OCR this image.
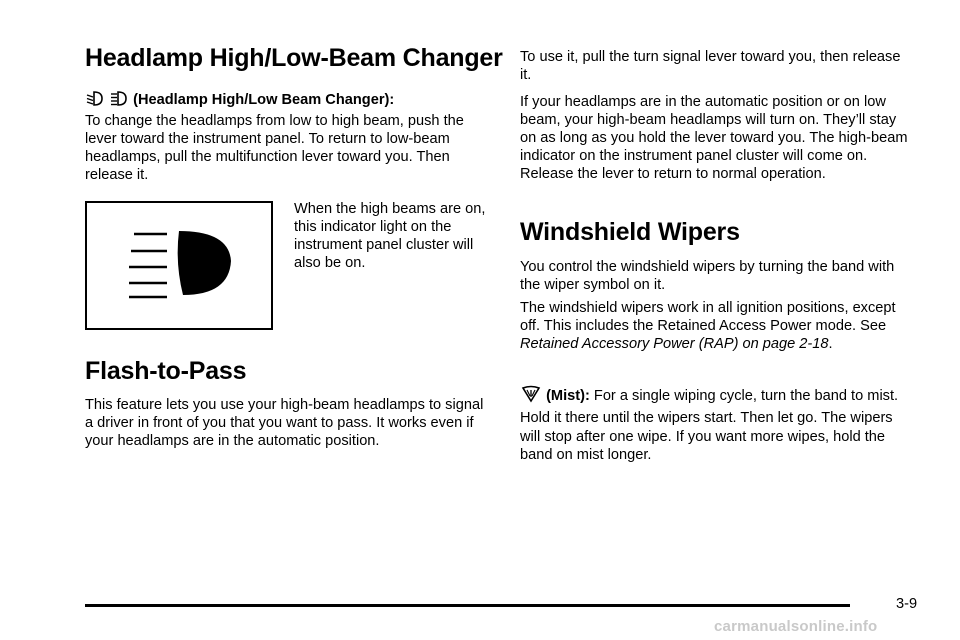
Headlamp High/Low-Beam Changer

(Headlamp High/Low Beam Changer):
To change the headlamps from low to high beam, push the lever toward the instrument panel. To return to low-beam headlamps, pull the multifunction lever toward you. Then release it.

When the high beams are on, this indicator light on the instrument panel cluster will also be on.

Flash-to-Pass

This feature lets you use your high-beam headlamps to signal a driver in front of you that you want to pass. It works even if your headlamps are in the automatic position.

To use it, pull the turn signal lever toward you, then release it.

If your headlamps are in the automatic position or on low beam, your high-beam headlamps will turn on. They’ll stay on as long as you hold the lever toward you. The high-beam indicator on the instrument panel cluster will come on. Release the lever to return to normal operation.

Windshield Wipers

You control the windshield wipers by turning the band with the wiper symbol on it.

The windshield wipers work in all ignition positions, except off. This includes the Retained Access Power mode. See Retained Accessory Power (RAP) on page 2-18.

(Mist): For a single wiping cycle, turn the band to mist. Hold it there until the wipers start. Then let go. The wipers will stop after one wipe. If you want more wipes, hold the band on mist longer.

3-9
carmanualsonline.info
